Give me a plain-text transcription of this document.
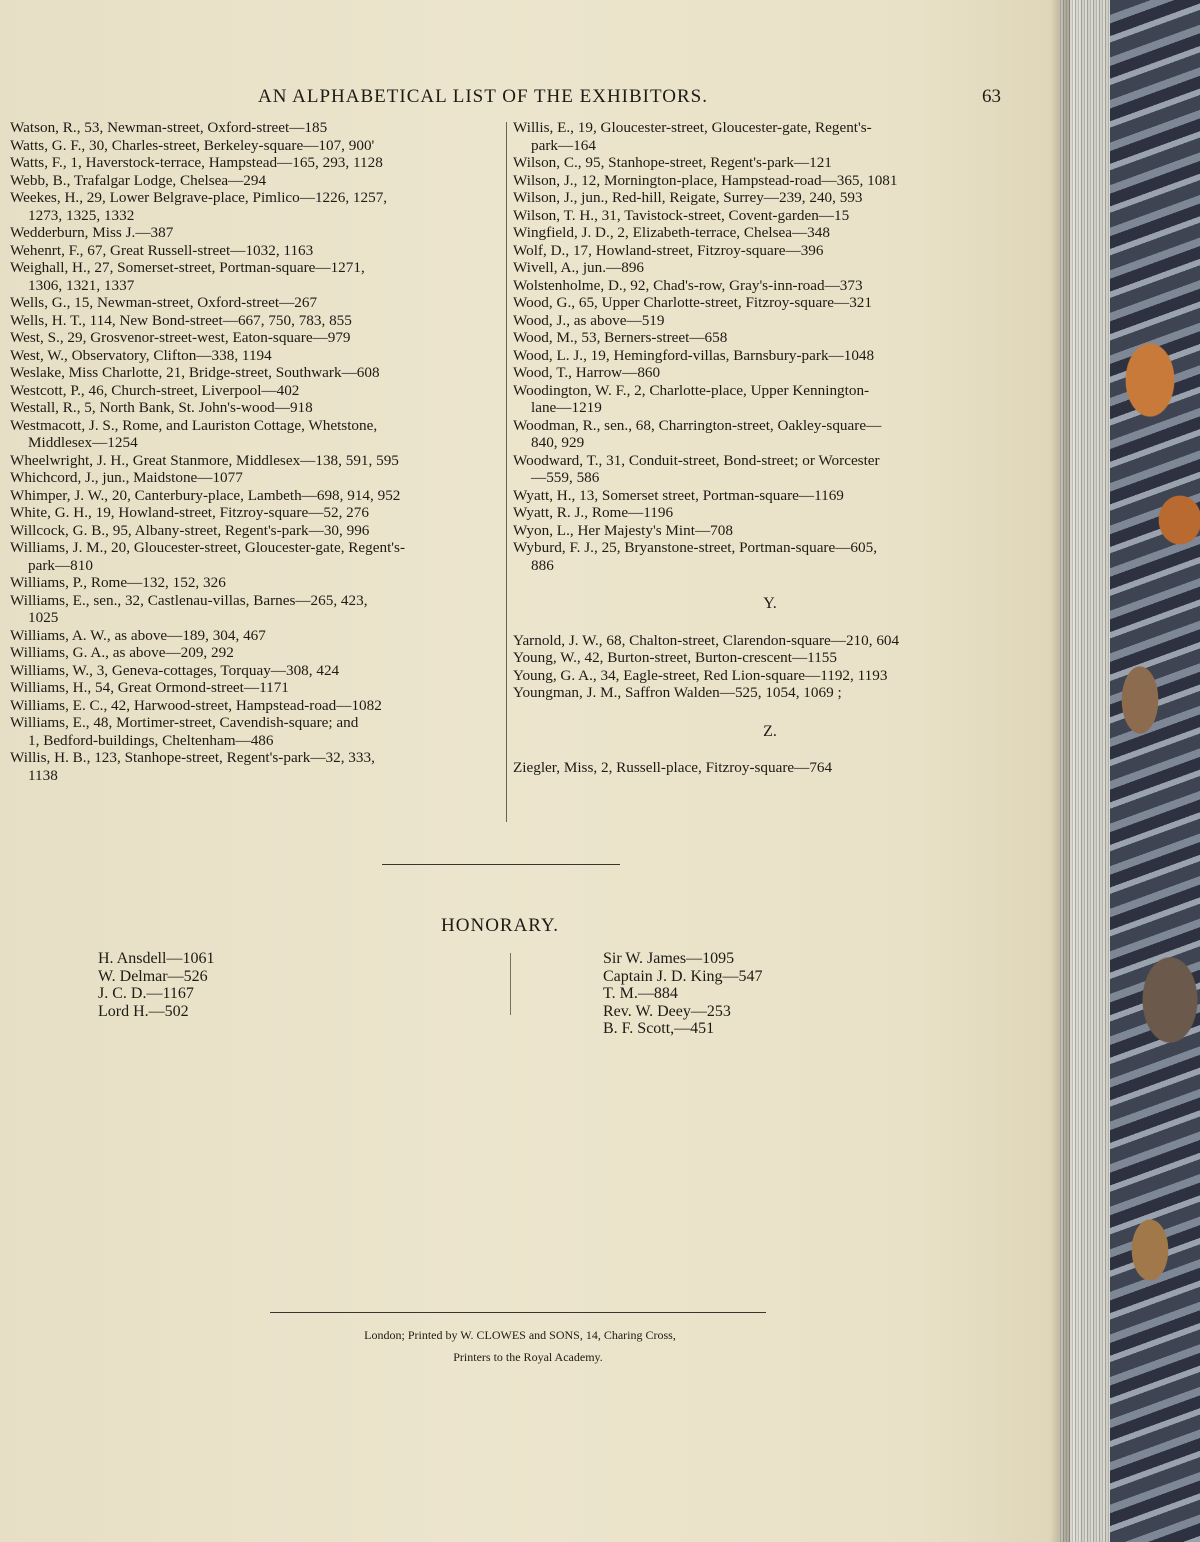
AN ALPHABETICAL LIST OF THE EXHIBITORS.	63
Watson, R., 53, Newman-street, Oxford-street—185
Watts, G. F., 30, Charles-street, Berkeley-square—107, 900'
Watts, F., 1, Haverstock-terrace, Hampstead—165, 293, 1128
Webb, B., Trafalgar Lodge, Chelsea—294
Weekes, H., 29, Lower Belgrave-place, Pimlico—1226, 1257,
1273, 1325, 1332
Wedderburn, Miss J.—387
Wehenrt, F., 67, Great Russell-street—1032, 1163
Weighall, H., 27, Somerset-street, Portman-square—1271,
1306, 1321, 1337
Wells, G., 15, Newman-street, Oxford-street—267
Wells, H. T., 114, New Bond-street—667, 750, 783, 855
West, S., 29, Grosvenor-street-west, Eaton-square—979
West, W., Observatory, Clifton—338, 1194
Weslake, Miss Charlotte, 21, Bridge-street, Southwark—608
Westcott, P., 46, Church-street, Liverpool—402
Westall, R., 5, North Bank, St. John's-wood—918
Westmacott, J. S., Rome, and Lauriston Cottage, Whetstone,
Middlesex—1254
Wheelwright, J. H., Great Stanmore, Middlesex—138, 591, 595
Whichcord, J., jun., Maidstone—1077
Whimper, J. W., 20, Canterbury-place, Lambeth—698, 914, 952
White, G. H., 19, Howland-street, Fitzroy-square—52, 276
Willcock, G. B., 95, Albany-street, Regent's-park—30, 996
Williams, J. M., 20, Gloucester-street, Gloucester-gate, Regent's-
park—810
Williams, P., Rome—132, 152, 326
Williams, E., sen., 32, Castlenau-villas, Barnes—265, 423,
1025
Williams, A. W., as above—189, 304, 467
Williams, G. A., as above—209, 292
Williams, W., 3, Geneva-cottages, Torquay—308, 424
Williams, H., 54, Great Ormond-street—1171
Williams, E. C., 42, Harwood-street, Hampstead-road—1082
Williams, E., 48, Mortimer-street, Cavendish-square; and
1, Bedford-buildings, Cheltenham—486
Willis, H. B., 123, Stanhope-street, Regent's-park—32, 333,
1138
Willis, E., 19, Gloucester-street, Gloucester-gate, Regent's-
park—164
Wilson, C., 95, Stanhope-street, Regent's-park—121
Wilson, J., 12, Mornington-place, Hampstead-road—365, 1081
Wilson, J., jun., Red-hill, Reigate, Surrey—239, 240, 593
Wilson, T. H., 31, Tavistock-street, Covent-garden—15
Wingfield, J. D., 2, Elizabeth-terrace, Chelsea—348
Wolf, D., 17, Howland-street, Fitzroy-square—396
Wivell, A., jun.—896
Wolstenholme, D., 92, Chad's-row, Gray's-inn-road—373
Wood, G., 65, Upper Charlotte-street, Fitzroy-square—321
Wood, J., as above—519
Wood, M., 53, Berners-street—658
Wood, L. J., 19, Hemingford-villas, Barnsbury-park—1048
Wood, T., Harrow—860
Woodington, W. F., 2, Charlotte-place, Upper Kennington-
lane—1219
Woodman, R., sen., 68, Charrington-street, Oakley-square—
840, 929
Woodward, T., 31, Conduit-street, Bond-street; or Worcester
—559, 586
Wyatt, H., 13, Somerset street, Portman-square—1169
Wyatt, R. J., Rome—1196
Wyon, L., Her Majesty's Mint—708
Wyburd, F. J., 25, Bryanstone-street, Portman-square—605,
886
Y.
Yarnold, J. W., 68, Chalton-street, Clarendon-square—210, 604
Young, W., 42, Burton-street, Burton-crescent—1155
Young, G. A., 34, Eagle-street, Red Lion-square—1192, 1193
Youngman, J. M., Saffron Walden—525, 1054, 1069 ;
Z.
Ziegler, Miss, 2, Russell-place, Fitzroy-square—764
HONORARY.
H. Ansdell—1061
W. Delmar—526
J. C. D.—1167
Lord H.—502
Sir W. James—1095
Captain J. D. King—547
T. M.—884
Rev. W. Deey—253
B. F. Scott,—451
London; Printed by W. CLOWES and SONS, 14, Charing Cross,
Printers to the Royal Academy.
